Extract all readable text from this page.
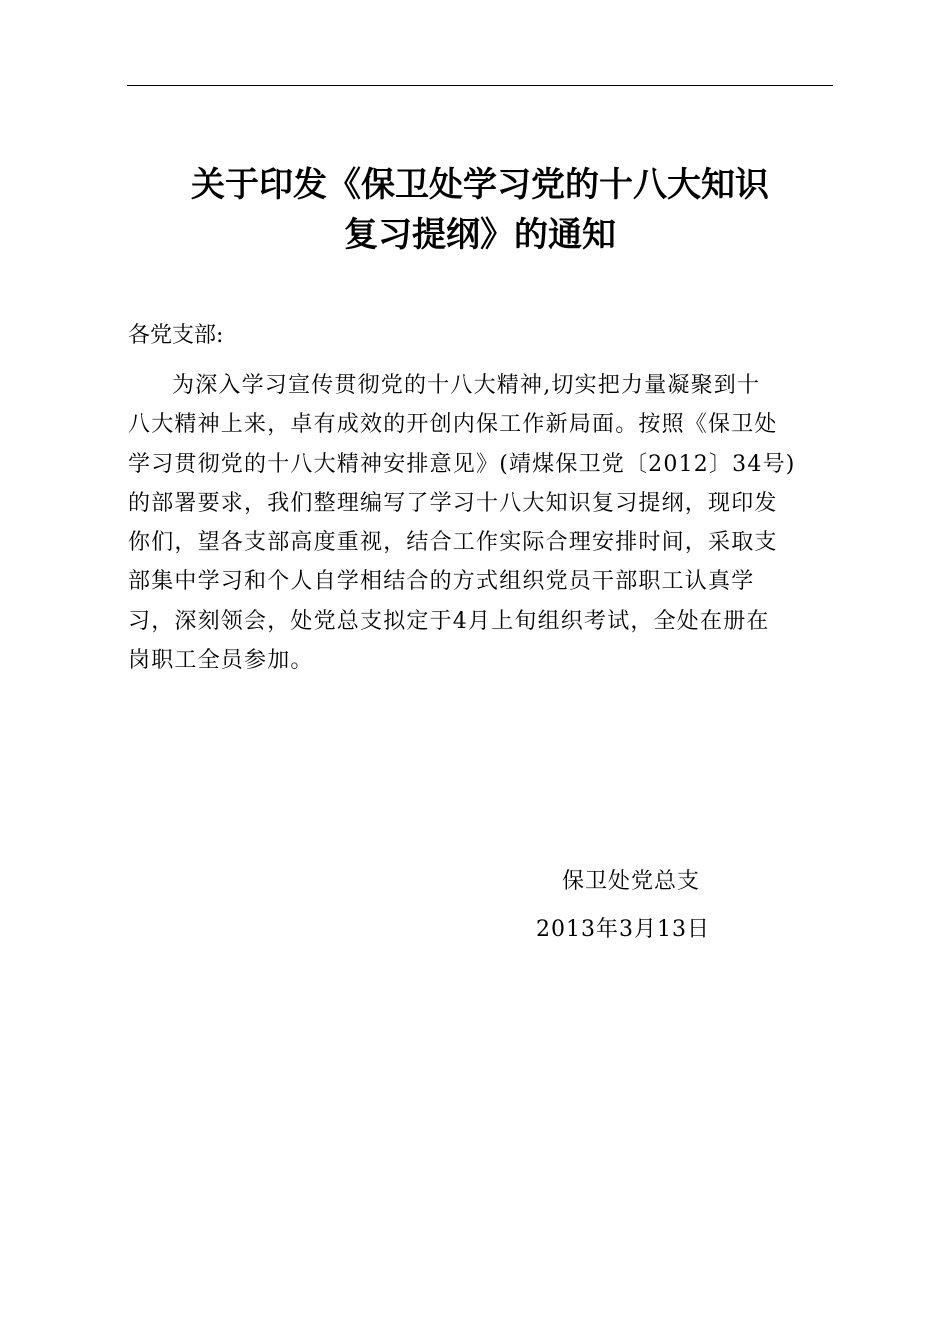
关于印发《保卫处学习党的十八大知识
复习提纲》的通知
各党支部:
为深入学习宣传贯彻党的十八大精神,切实把力量凝聚到十
八大精神上来，卓有成效的开创内保工作新局面。按照《保卫处
学习贯彻党的十八大精神安排意见》(靖煤保卫党〔2012〕34号)
的部署要求，我们整理编写了学习十八大知识复习提纲，现印发
你们，望各支部高度重视，结合工作实际合理安排时间，采取支
部集中学习和个人自学相结合的方式组织党员干部职工认真学
习，深刻领会，处党总支拟定于4月上旬组织考试，全处在册在
岗职工全员参加。
保卫处党总支
2013年3月13日
